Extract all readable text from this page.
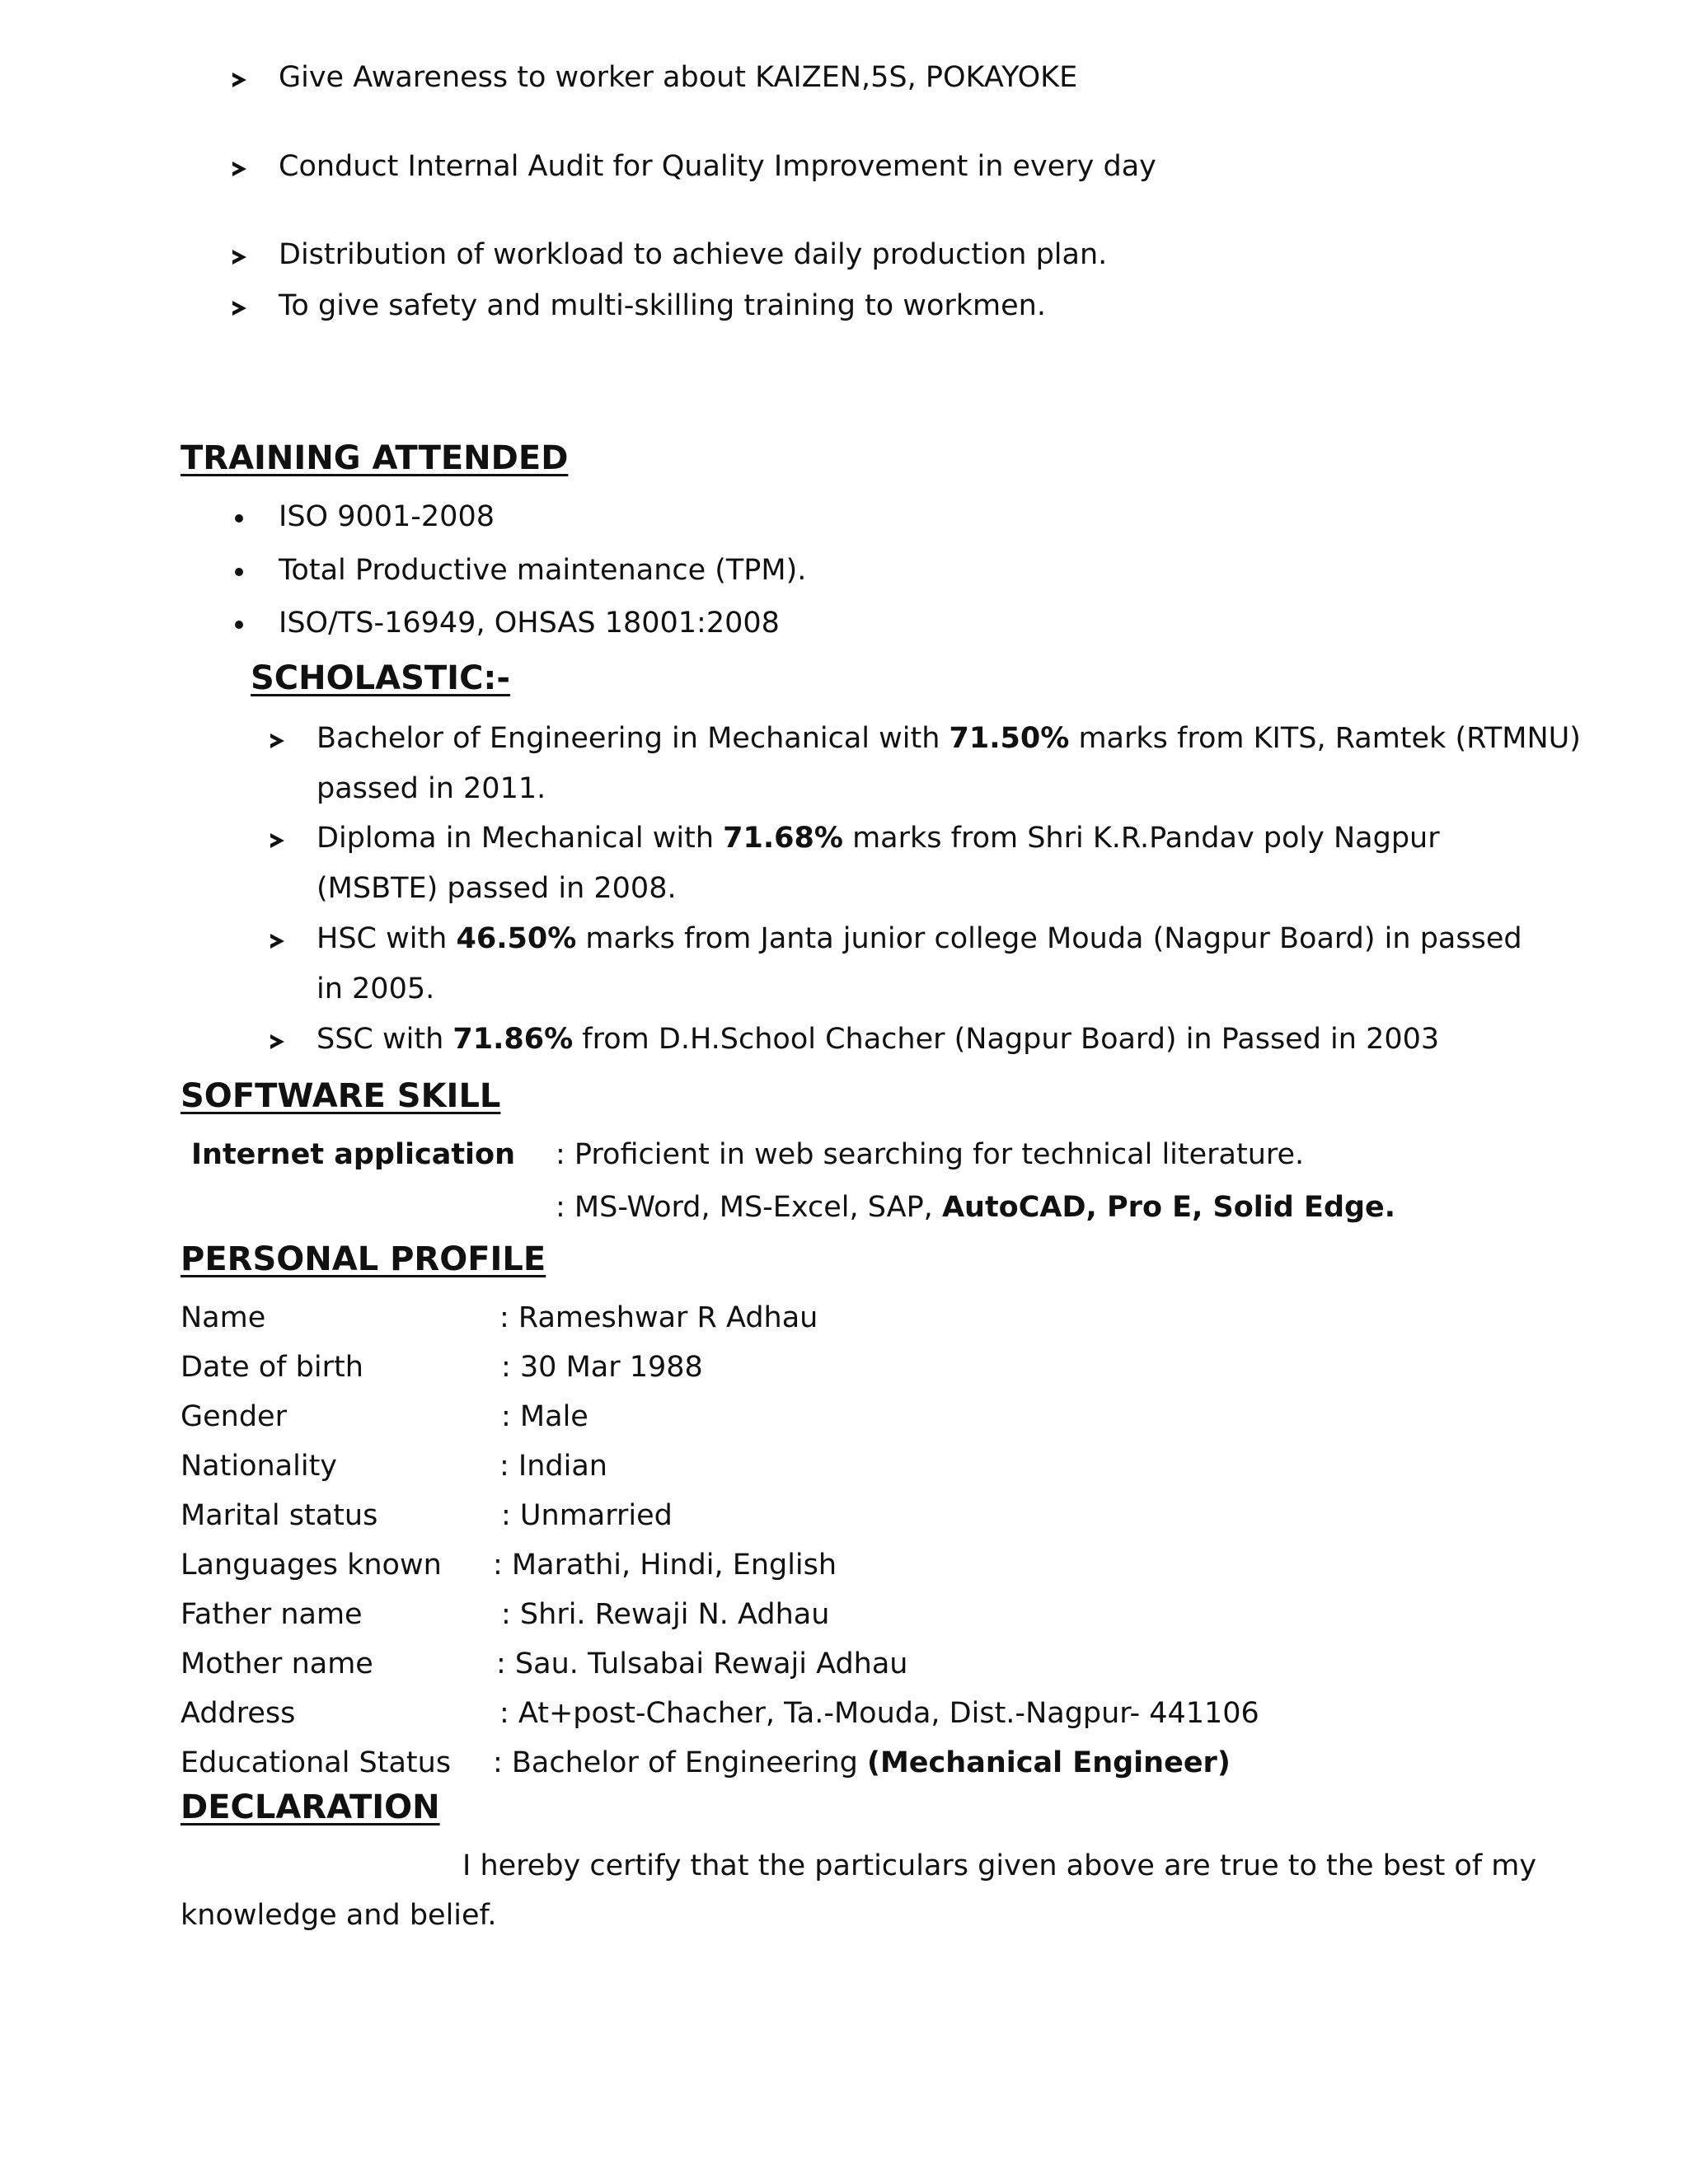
Give Awareness to worker about KAIZEN,5S, POKAYOKE
Conduct Internal Audit for Quality Improvement in every day
Distribution of workload to achieve daily production plan.
To give safety and multi-skilling training to workmen.
TRAINING ATTENDED
ISO 9001-2008
Total Productive maintenance (TPM).
ISO/TS-16949, OHSAS 18001:2008
SCHOLASTIC:-
Bachelor of Engineering in Mechanical with 71.50% marks from KITS, Ramtek (RTMNU)
passed in 2011.
Diploma in Mechanical with 71.68% marks from Shri K.R.Pandav poly Nagpur
(MSBTE) passed in 2008.
HSC with 46.50% marks from Janta junior college Mouda (Nagpur Board) in passed
in 2005.
SSC with 71.86% from D.H.School Chacher (Nagpur Board) in Passed in 2003
SOFTWARE SKILL
Internet application : Proficient in web searching for technical literature.
: MS-Word, MS-Excel, SAP, AutoCAD, Pro E, Solid Edge.
PERSONAL PROFILE
Name	: Rameshwar R Adhau
Date of birth	: 30 Mar 1988
Gender	: Male
Nationality	: Indian
Marital status	: Unmarried
Languages known : Marathi, Hindi, English
Father name	: Shri. Rewaji N. Adhau
Mother name	: Sau. Tulsabai Rewaji Adhau
Address	: At+post-Chacher, Ta.-Mouda, Dist.-Nagpur- 441106
Educational Status : Bachelor of Engineering (Mechanical Engineer)
DECLARATION
I hereby certify that the particulars given above are true to the best of my
knowledge and belief.
